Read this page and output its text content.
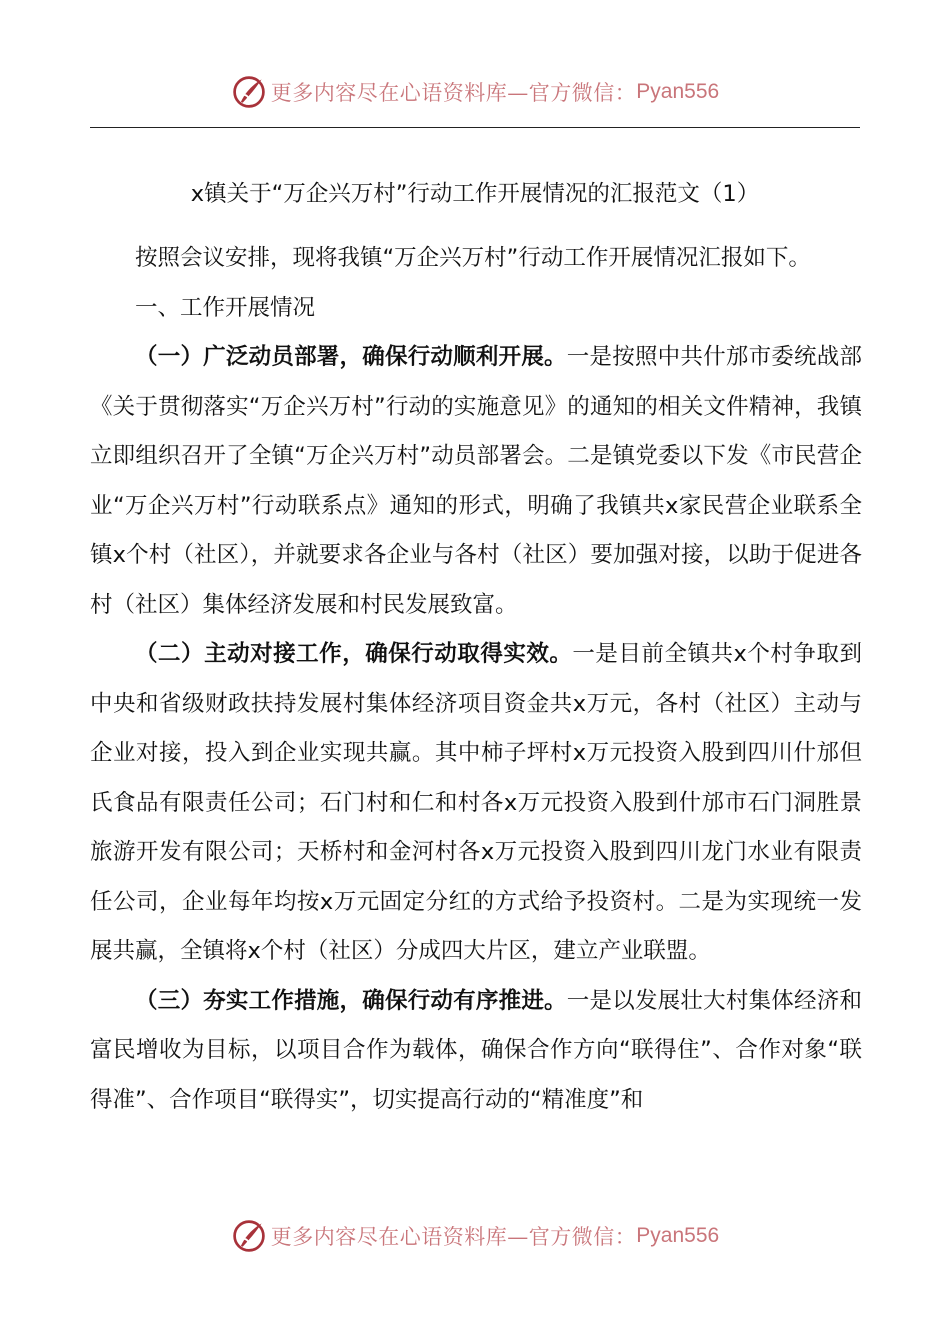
更多内容尽在心语资料库—官方微信： Pyan556
x镇关于“万企兴万村”行动工作开展情况的汇报范文（1）

按照会议安排，现将我镇“万企兴万村”行动工作开展情况汇报如下。

一、工作开展情况

（一）广泛动员部署，确保行动顺利开展。一是按照中共什邡市委统战部《关于贯彻落实“万企兴万村”行动的实施意见》的通知的相关文件精神，我镇立即组织召开了全镇“万企兴万村”动员部署会。二是镇党委以下发《市民营企业“万企兴万村”行动联系点》通知的形式，明确了我镇共x家民营企业联系全镇x个村（社区），并就要求各企业与各村（社区）要加强对接，以助于促进各村（社区）集体经济发展和村民发展致富。

（二）主动对接工作，确保行动取得实效。一是目前全镇共x个村争取到中央和省级财政扶持发展村集体经济项目资金共x万元，各村（社区）主动与企业对接，投入到企业实现共赢。其中柿子坪村x万元投资入股到四川什邡但氏食品有限责任公司；石门村和仁和村各x万元投资入股到什邡市石门洞胜景旅游开发有限公司；天桥村和金河村各x万元投资入股到四川龙门水业有限责任公司，企业每年均按x万元固定分红的方式给予投资村。二是为实现统一发展共赢，全镇将x个村（社区）分成四大片区，建立产业联盟。

（三）夯实工作措施，确保行动有序推进。一是以发展壮大村集体经济和富民增收为目标，以项目合作为载体，确保合作方向“联得住”、合作对象“联得准”、合作项目“联得实”，切实提高行动的“精准度”和

更多内容尽在心语资料库—官方微信： Pyan556
